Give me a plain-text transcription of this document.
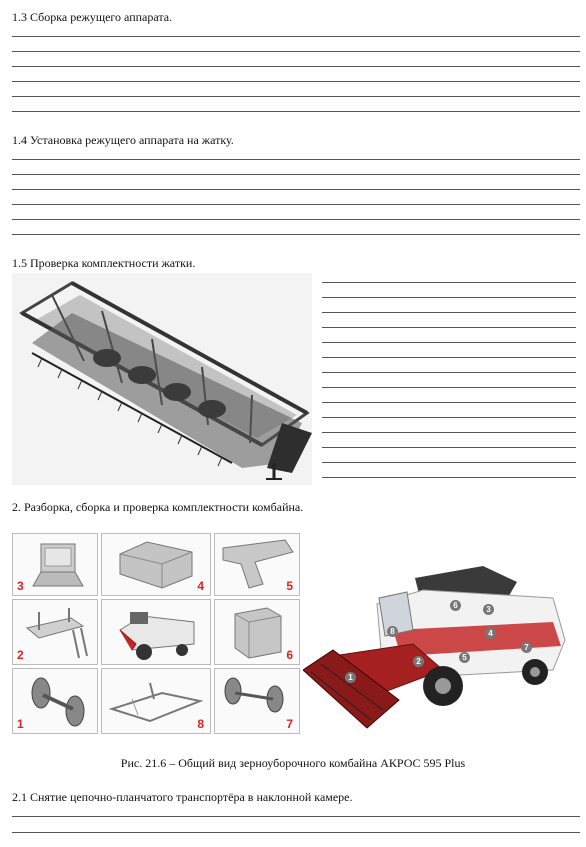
1.3 Сборка режущего аппарата.
1.4 Установка режущего аппарата на жатку.
1.5 Проверка комплектности жатки.
2. Разборка, сборка и проверка комплектности комбайна.
3	4	5
2	6
1	8	7
6	3
4
5
7
2
1
8
Рис. 21.6 – Общий вид зерноуборочного комбайна АКРОС 595 Plus
2.1 Снятие цепочно-планчатого транспортёра в наклонной камере.
